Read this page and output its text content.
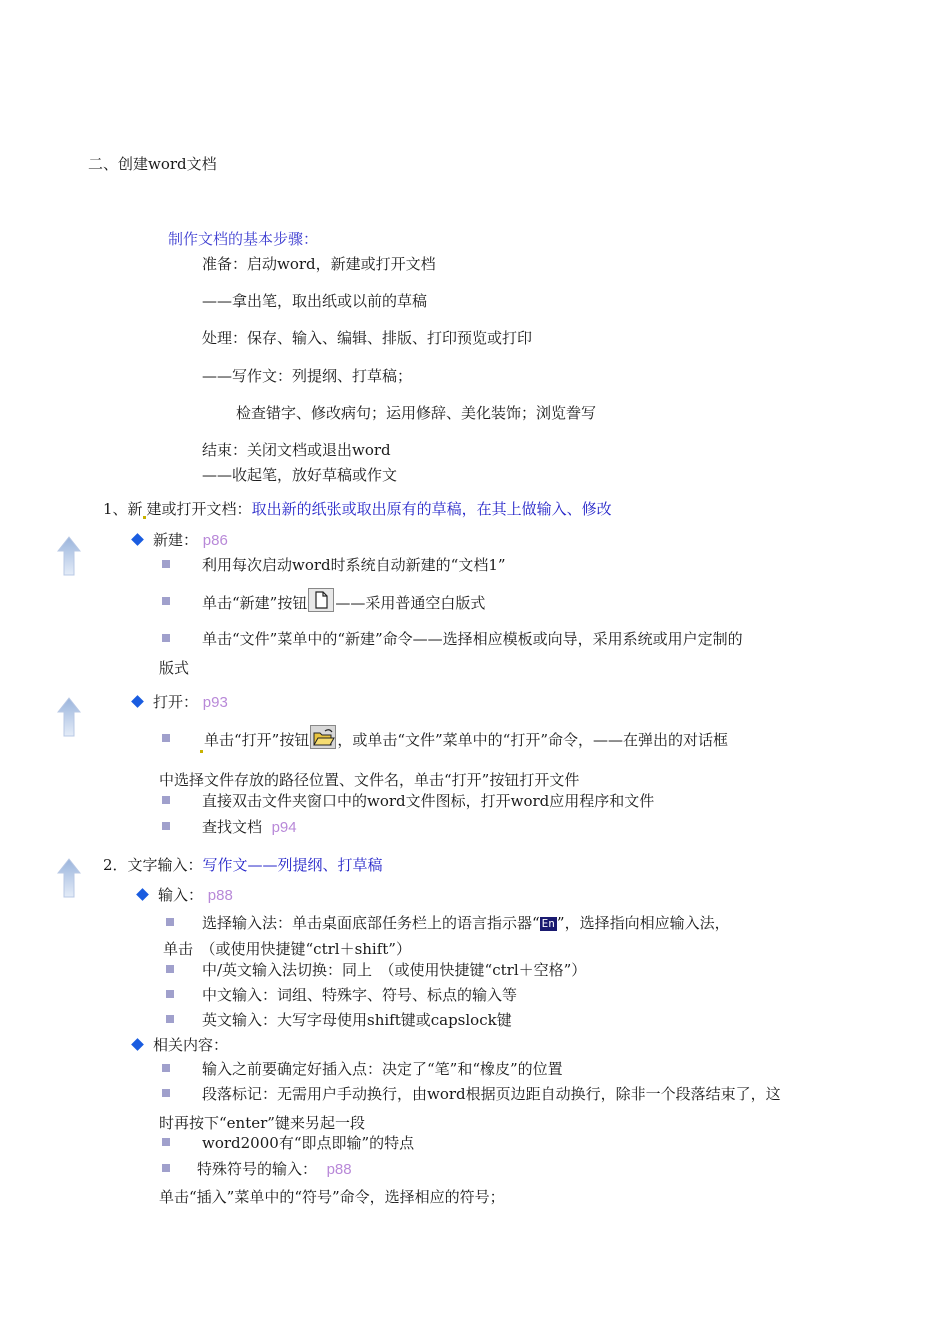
二、创建word文档
制作文档的基本步骤：
准备：启动word，新建或打开文档
——拿出笔，取出纸或以前的草稿
处理：保存、输入、编辑、排版、打印预览或打印
——写作文：列提纲、打草稿；
检查错字、修改病句；运用修辞、美化装饰；浏览誊写
结束：关闭文档或退出word
——收起笔，放好草稿或作文
1、新 建或打开文档：取出新的纸张或取出原有的草稿，在其上做输入、修改
新建： p86
利用每次启动word时系统自动新建的“文档1”
单击“新建”按钮 ——采用普通空白版式
单击“文件”菜单中的“新建”命令——选择相应模板或向导，采用系统或用户定制的
版式
打开： p93
单击“打开”按钮 ，或单击“文件”菜单中的“打开”命令，——在弹出的对话框
中选择文件存放的路径位置、文件名，单击“打开”按钮打开文件
直接双击文件夹窗口中的word文件图标，打开word应用程序和文件
查找文档 p94
2．文字输入：写作文——列提纲、打草稿
输入： p88
选择输入法：单击桌面底部任务栏上的语言指示器“ En ”，选择指向相应输入法，
单击　（或使用快捷键“ctrl＋shift”）
中/英文输入法切换：同上　（或使用快捷键“ctrl＋空格”）
中文输入：词组、特殊字、符号、标点的输入等
英文输入：大写字母使用shift键或capslock键
相关内容：
输入之前要确定好插入点：决定了“笔”和“橡皮”的位置
段落标记：无需用户手动换行，由word根据页边距自动换行，除非一个段落结束了，这
时再按下“enter”键来另起一段
word2000有“即点即输”的特点
特殊符号的输入： p88
单击“插入”菜单中的“符号”命令，选择相应的符号；
